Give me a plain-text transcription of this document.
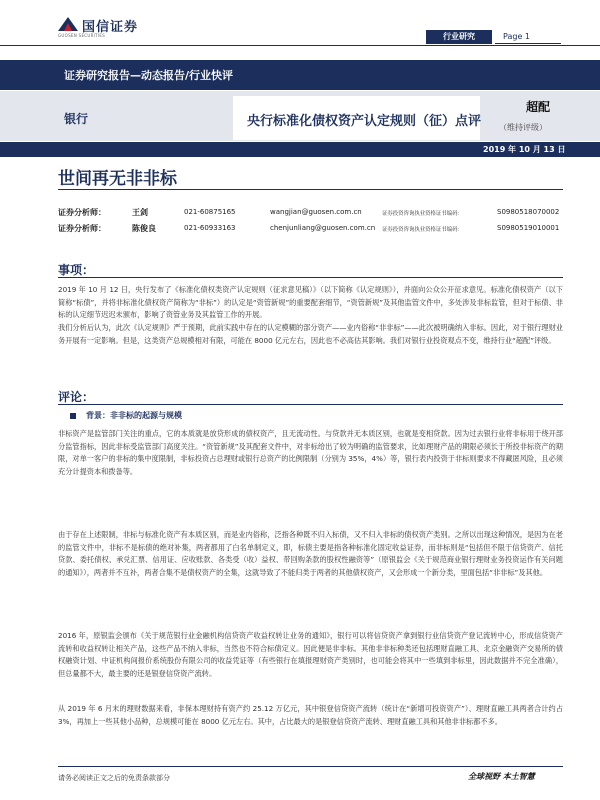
国信证券
GUOSEN SECURITIES	行业研究	Page 1
证券研究报告—动态报告/行业快评
银行	央行标准化债权资产认定规则（征）点评
超配
（维持评级）
2019 年 10 月 13 日
世间再无非非标
证券分析师：	王剑	021-60875165	wangjian@guosen.com.cn	证券投资咨询执业资格证书编码：	S0980518070002
证券分析师：	陈俊良	021-60933163	chenjunliang@guosen.com.cn 证券投资咨询执业资格证书编码：	S0980519010001
事项：
2019 年 10 月 12 日，央行发布了《标准化债权类资产认定规则（征求意见稿）》（以下简称《认定规则》），并面向公众公开征求意见。标准化债权资产（以下简称“标债”，并将非标准化债权资产简称为“非标”）的认定是“资管新规”的重要配套细节，“资管新规”及其他监管文件中，多处涉及非标监管，但对于标债、非标的认定细节迟迟未颁布，影响了资管业务及其监管工作的开展。
我们分析后认为，此次《认定规则》严于预期，此前实践中存在的认定模糊的部分资产——业内俗称“非非标”——此次被明确纳入非标。因此，对于银行理财业务开展有一定影响。但是，这类资产总规模相对有限，可能在 8000 亿元左右，因此也不必高估其影响。我们对银行业投资观点不变，维持行业“超配”评级。
评论：
背景：非非标的起源与规模
非标资产是监管部门关注的重点，它的本质就是放贷形成的债权资产，且无流动性。与贷款并无本质区别，也就是变相贷款。因为过去银行业将非标用于绕开部分监管指标，因此非标受监管部门高度关注。“资管新规”及其配套文件中，对非标给出了较为明确的监管要求，比如理财产品的期限必须长于所投非标资产的期限，对单一客户的非标的集中度限制，非标投资占总理财或银行总资产的比例限制（分别为 35%，4%）等，银行表内投资于非标则要求不得藏匿风险，且必须充分计提资本和拨备等。
由于存在上述限制，非标与标准化资产有本质区别，而是业内俗称，泛指各种既不归入标债，又不归入非标的债权资产类别。之所以出现这种情况，是因为在老的监管文件中，非标不是标债的绝对补集，两者都用了白名单制定义，即，标债主要是指各种标准化固定收益证券，而非标则是“包括但不限于信贷资产、信托贷款、委托债权、承兑汇票、信用证、应收账款、各类受（收）益权、带回购条款的股权性融资等”（原银监会《关于规范商业银行理财业务投资运作有关问题的通知》），两者并不互补，两者合集不是债权资产的全集，这就导致了不能归类于两者的其他债权资产，又会形成一个新分类，里面包括“非非标”及其他。
2016 年，原银监会颁布《关于规范银行业金融机构信贷资产收益权转让业务的通知》，银行可以将信贷资产拿到银行业信贷资产登记流转中心，形成信贷资产流转和收益权转让相关产品，这些产品不纳入非标，当然也不符合标债定义。因此便是非非标。其他非非标种类还包括理财直融工具、北京金融资产交易所的债权融资计划、中证机构间报价系统股份有限公司的收益凭证等（有些银行在填报理财资产类别时，也可能会将其中一些填到非标里，因此数据并不完全准确），但总量都不大，最主要的还是银登信贷资产流转。
从 2019 年 6 月末的理财数据来看，非保本理财持有资产约 25.12 万亿元，其中银登信贷资产流转（统计在“新增可投资资产”）、理财直融工具两者合计约占 3%，再加上一些其他小品种，总规模可能在 8000 亿元左右。其中，占比最大的是银登信贷资产流转、理财直融工具和其他非非标都不多。
请务必阅读正文之后的免责条款部分	全球视野 本土智慧
